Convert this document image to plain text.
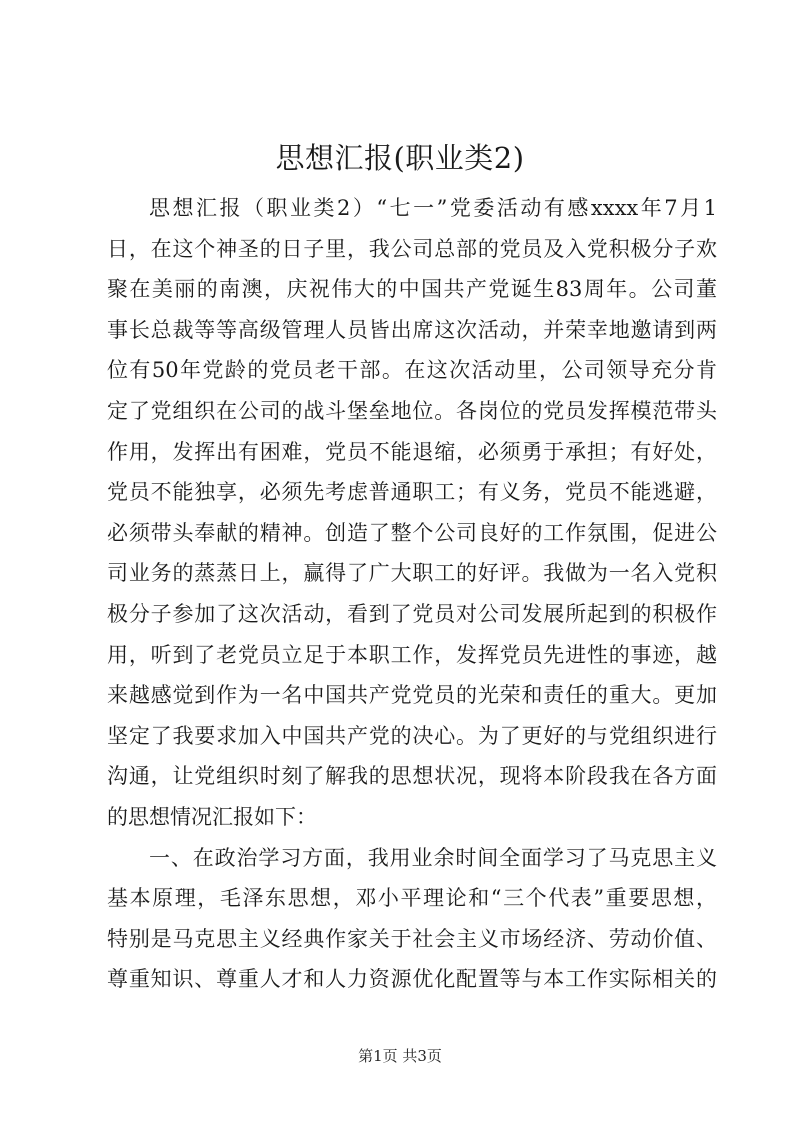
思想汇报(职业类2)
思想汇报（职业类2）“七一”党委活动有感xxxx年7月1
日，在这个神圣的日子里，我公司总部的党员及入党积极分子欢
聚在美丽的南澳，庆祝伟大的中国共产党诞生83周年。公司董
事长总裁等等高级管理人员皆出席这次活动，并荣幸地邀请到两
位有50年党龄的党员老干部。在这次活动里，公司领导充分肯
定了党组织在公司的战斗堡垒地位。各岗位的党员发挥模范带头
作用，发挥出有困难，党员不能退缩，必须勇于承担；有好处，
党员不能独享，必须先考虑普通职工；有义务，党员不能逃避，
必须带头奉献的精神。创造了整个公司良好的工作氛围，促进公
司业务的蒸蒸日上，赢得了广大职工的好评。我做为一名入党积
极分子参加了这次活动，看到了党员对公司发展所起到的积极作
用，听到了老党员立足于本职工作，发挥党员先进性的事迹，越
来越感觉到作为一名中国共产党党员的光荣和责任的重大。更加
坚定了我要求加入中国共产党的决心。为了更好的与党组织进行
沟通，让党组织时刻了解我的思想状况，现将本阶段我在各方面
的思想情况汇报如下：
一、在政治学习方面，我用业余时间全面学习了马克思主义
基本原理，毛泽东思想，邓小平理论和“三个代表”重要思想，
特别是马克思主义经典作家关于社会主义市场经济、劳动价值、
尊重知识、尊重人才和人力资源优化配置等与本工作实际相关的
第1页 共3页
